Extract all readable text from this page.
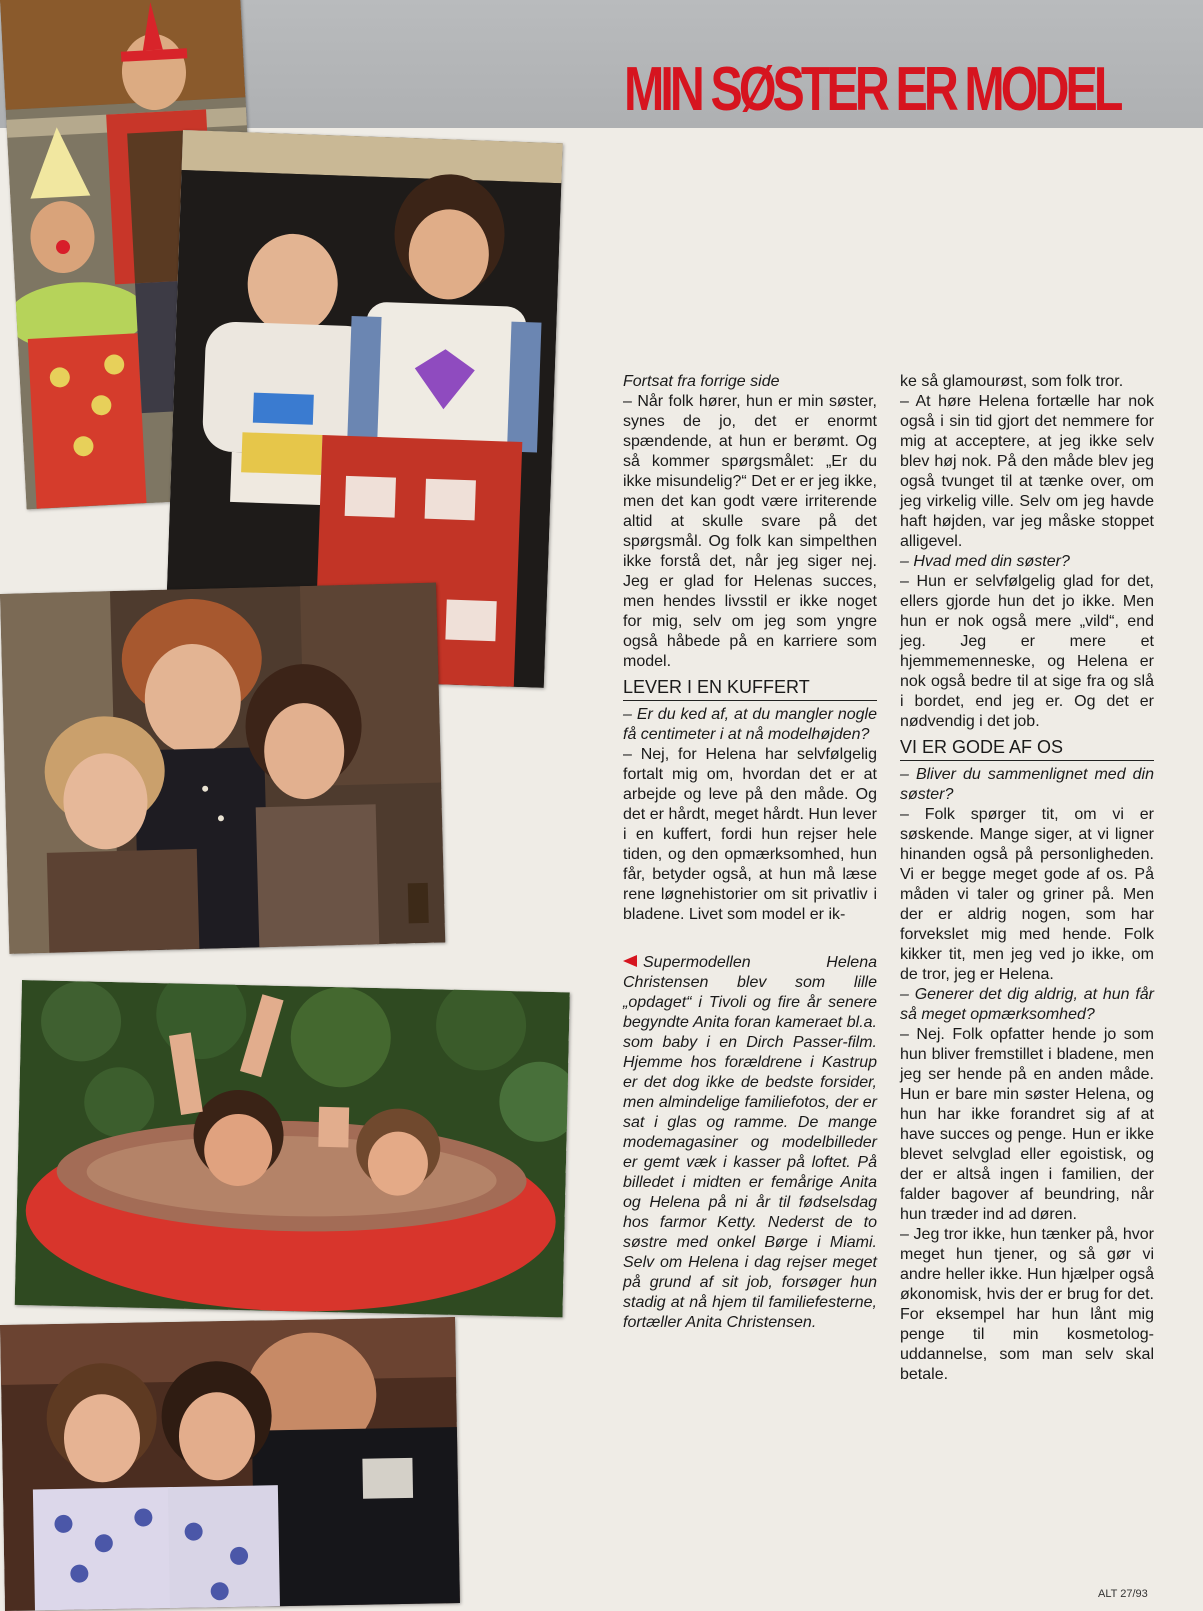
MIN SØSTER ER MODEL

Fortsat fra forrige side

– Når folk hører, hun er min søster, synes de jo, det er enormt spændende, at hun er berømt. Og så kommer spørgsmålet: „Er du ikke misundelig?“ Det er er jeg ikke, men det kan godt være irriterende altid at skulle svare på det spørgsmål. Og folk kan simpelthen ikke forstå det, når jeg siger nej. Jeg er glad for Helenas succes, men hendes livsstil er ikke noget for mig, selv om jeg som yngre også håbede på en karriere som model.

LEVER I EN KUFFERT

– Er du ked af, at du mangler nogle få centimeter i at nå modelhøjden?

– Nej, for Helena har selvfølgelig fortalt mig om, hvordan det er at arbejde og leve på den måde. Og det er hårdt, meget hårdt. Hun lever i en kuffert, fordi hun rejser hele tiden, og den opmærksomhed, hun får, betyder også, at hun må læse rene løgnehistorier om sit privatliv i bladene. Livet som model er ik-

Supermodellen Helena Christensen blev som lille „opdaget“ i Tivoli og fire år senere begyndte Anita foran kameraet bl.a. som baby i en Dirch Passer-film. Hjemme hos forældrene i Kastrup er det dog ikke de bedste forsider, men almindelige familiefotos, der er sat i glas og ramme. De mange modemagasiner og modelbilleder er gemt væk i kasser på loftet. På billedet i midten er femårige Anita og Helena på ni år til fødselsdag hos farmor Ketty. Nederst de to søstre med onkel Børge i Miami. Selv om Helena i dag rejser meget på grund af sit job, forsøger hun stadig at nå hjem til familiefesterne, fortæller Anita Christensen.

ke så glamourøst, som folk tror.

– At høre Helena fortælle har nok også i sin tid gjort det nemmere for mig at acceptere, at jeg ikke selv blev høj nok. På den måde blev jeg også tvunget til at tænke over, om jeg virkelig ville. Selv om jeg havde haft højden, var jeg måske stoppet alligevel.

– Hvad med din søster?

– Hun er selvfølgelig glad for det, ellers gjorde hun det jo ikke. Men hun er nok også mere „vild“, end jeg. Jeg er mere et hjemmemenneske, og Helena er nok også bedre til at sige fra og slå i bordet, end jeg er. Og det er nødvendig i det job.

VI ER GODE AF OS

– Bliver du sammenlignet med din søster?

– Folk spørger tit, om vi er søskende. Mange siger, at vi ligner hinanden også på personligheden. Vi er begge meget gode af os. På måden vi taler og griner på. Men der er aldrig nogen, som har forvekslet mig med hende. Folk kikker tit, men jeg ved jo ikke, om de tror, jeg er Helena.

– Generer det dig aldrig, at hun får så meget opmærksomhed?

– Nej. Folk opfatter hende jo som hun bliver fremstillet i bladene, men jeg ser hende på en anden måde. Hun er bare min søster Helena, og hun har ikke forandret sig af at have succes og penge. Hun er ikke blevet selvglad eller egoistisk, og der er altså ingen i familien, der falder bagover af beundring, når hun træder ind ad døren.

– Jeg tror ikke, hun tænker på, hvor meget hun tjener, og så gør vi andre heller ikke. Hun hjælper også økonomisk, hvis der er brug for det. For eksempel har hun lånt mig penge til min kosmetolog-uddannelse, som man selv skal betale.

ALT 27/93
